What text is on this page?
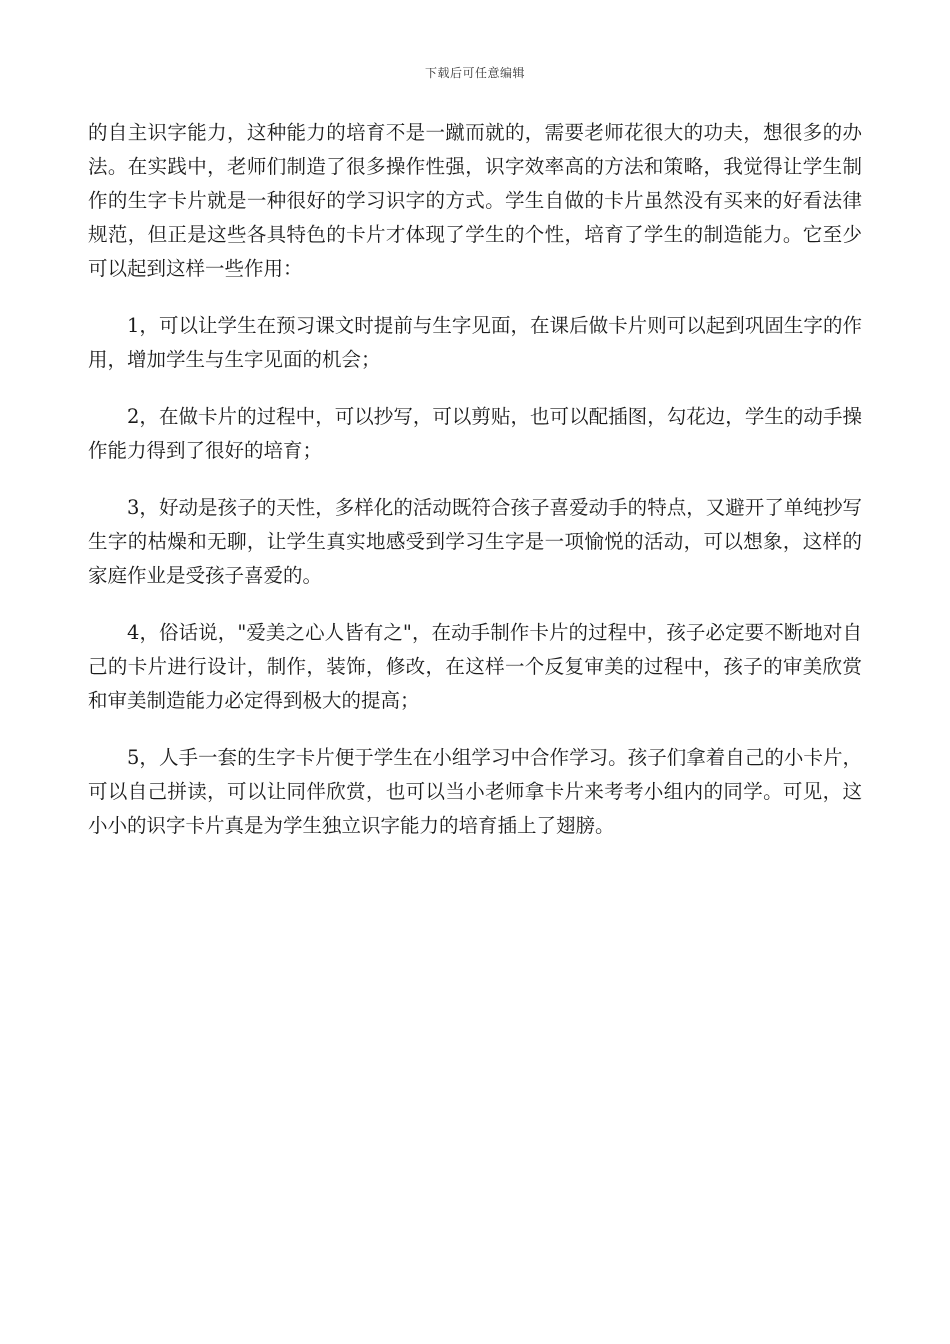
下载后可任意编辑

的自主识字能力，这种能力的培育不是一蹴而就的，需要老师花很大的功夫，想很多的办法。在实践中，老师们制造了很多操作性强，识字效率高的方法和策略，我觉得让学生制作的生字卡片就是一种很好的学习识字的方式。学生自做的卡片虽然没有买来的好看法律规范，但正是这些各具特色的卡片才体现了学生的个性，培育了学生的制造能力。它至少可以起到这样一些作用：

1，可以让学生在预习课文时提前与生字见面，在课后做卡片则可以起到巩固生字的作用，增加学生与生字见面的机会；

2，在做卡片的过程中，可以抄写，可以剪贴，也可以配插图，勾花边，学生的动手操作能力得到了很好的培育；

3，好动是孩子的天性，多样化的活动既符合孩子喜爱动手的特点，又避开了单纯抄写生字的枯燥和无聊，让学生真实地感受到学习生字是一项愉悦的活动，可以想象，这样的家庭作业是受孩子喜爱的。

4，俗话说，"爱美之心人皆有之"，在动手制作卡片的过程中，孩子必定要不断地对自己的卡片进行设计，制作，装饰，修改，在这样一个反复审美的过程中，孩子的审美欣赏和审美制造能力必定得到极大的提高；

5，人手一套的生字卡片便于学生在小组学习中合作学习。孩子们拿着自己的小卡片，可以自己拼读，可以让同伴欣赏，也可以当小老师拿卡片来考考小组内的同学。可见，这小小的识字卡片真是为学生独立识字能力的培育插上了翅膀。
